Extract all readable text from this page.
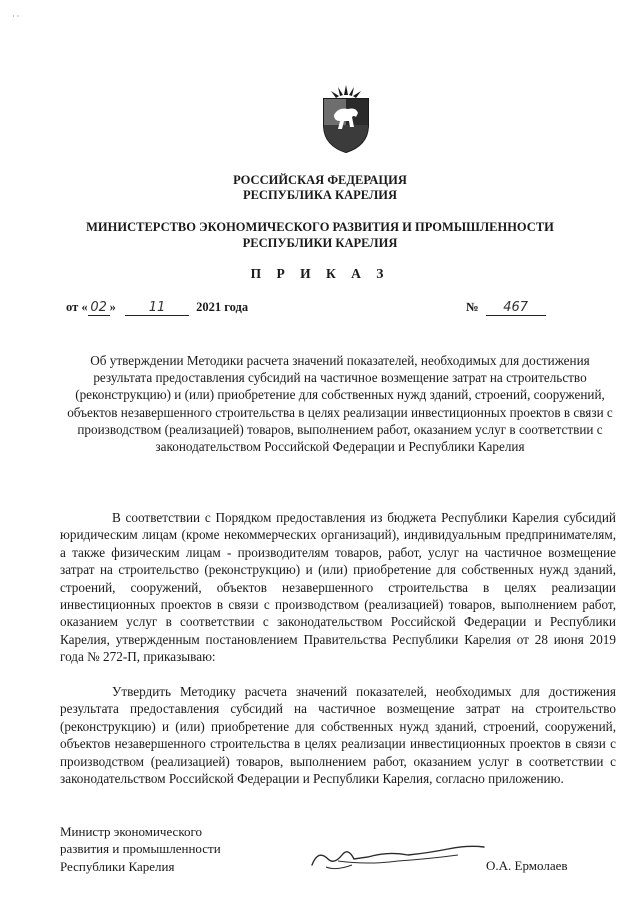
· ·
РОССИЙСКАЯ ФЕДЕРАЦИЯ
РЕСПУБЛИКА КАРЕЛИЯ
МИНИСТЕРСТВО ЭКОНОМИЧЕСКОГО РАЗВИТИЯ И ПРОМЫШЛЕННОСТИ
РЕСПУБЛИКИ КАРЕЛИЯ
П Р И К А З
от « 02 »	11 2021 года	№ 467
Об утверждении Методики расчета значений показателей, необходимых для достижения результата предоставления субсидий на частичное возмещение затрат на строительство (реконструкцию) и (или) приобретение для собственных нужд зданий, строений, сооружений, объектов незавершенного строительства в целях реализации инвестиционных проектов в связи с производством (реализацией) товаров, выполнением работ, оказанием услуг в соответствии с законодательством Российской Федерации и Республики Карелия
В соответствии с Порядком предоставления из бюджета Республики Карелия субсидий юридическим лицам (кроме некоммерческих организаций), индивидуальным предпринимателям, а также физическим лицам - производителям товаров, работ, услуг на частичное возмещение затрат на строительство (реконструкцию) и (или) приобретение для собственных нужд зданий, строений, сооружений, объектов незавершенного строительства в целях реализации инвестиционных проектов в связи с производством (реализацией) товаров, выполнением работ, оказанием услуг в соответствии с законодательством Российской Федерации и Республики Карелия, утвержденным постановлением Правительства Республики Карелия от 28 июня 2019 года № 272-П, приказываю:
Утвердить Методику расчета значений показателей, необходимых для достижения результата предоставления субсидий на частичное возмещение затрат на строительство (реконструкцию) и (или) приобретение для собственных нужд зданий, строений, сооружений, объектов незавершенного строительства в целях реализации инвестиционных проектов в связи с производством (реализацией) товаров, выполнением работ, оказанием услуг в соответствии с законодательством Российской Федерации и Республики Карелия, согласно приложению.
Министр экономического
развития и промышленности
Республики Карелия	О.А. Ермолаев
